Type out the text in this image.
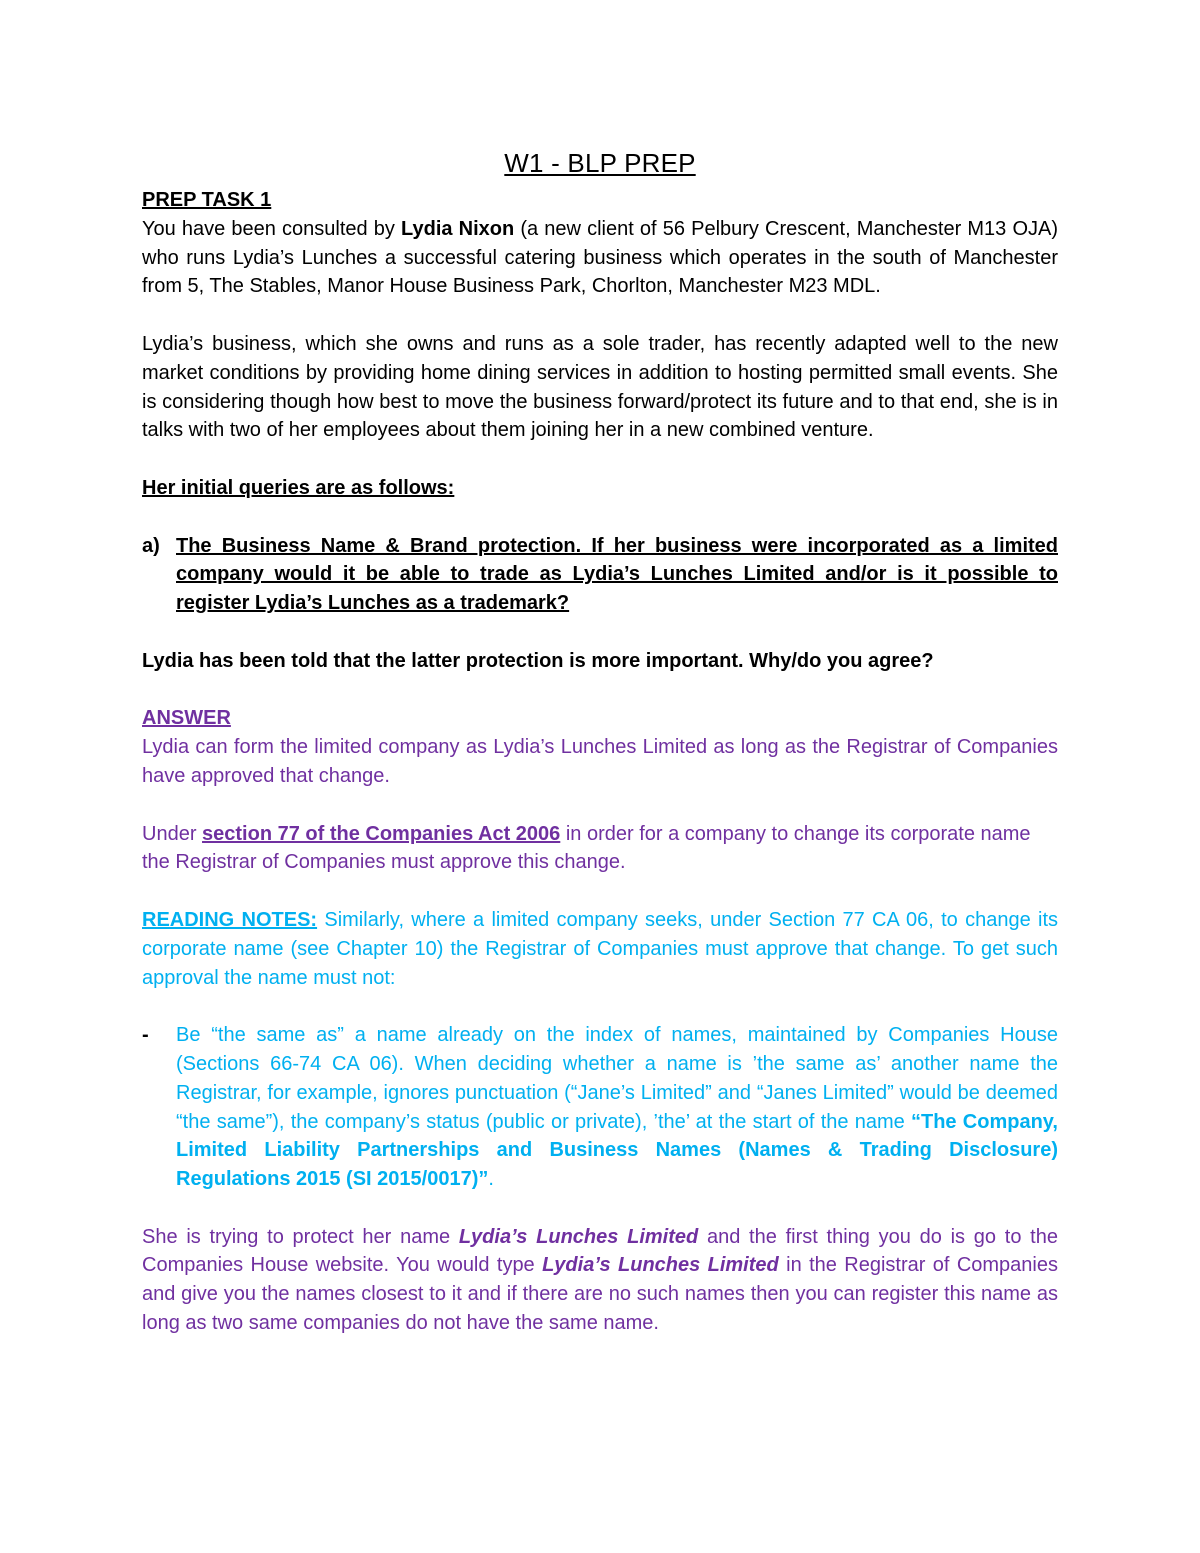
W1 - BLP PREP

PREP TASK 1

You have been consulted by Lydia Nixon (a new client of 56 Pelbury Crescent, Manchester M13 OJA) who runs Lydia’s Lunches a successful catering business which operates in the south of Manchester from 5, The Stables, Manor House Business Park, Chorlton, Manchester M23 MDL.

Lydia’s business, which she owns and runs as a sole trader, has recently adapted well to the new market conditions by providing home dining services in addition to hosting permitted small events. She is considering though how best to move the business forward/protect its future and to that end, she is in talks with two of her employees about them joining her in a new combined venture.

Her initial queries are as follows:

a) The Business Name & Brand protection. If her business were incorporated as a limited company would it be able to trade as Lydia’s Lunches Limited and/or is it possible to register Lydia’s Lunches as a trademark?

Lydia has been told that the latter protection is more important. Why/do you agree?

ANSWER

Lydia can form the limited company as Lydia’s Lunches Limited as long as the Registrar of Companies have approved that change.

Under section 77 of the Companies Act 2006 in order for a company to change its corporate name the Registrar of Companies must approve this change.

READING NOTES: Similarly, where a limited company seeks, under Section 77 CA 06, to change its corporate name (see Chapter 10) the Registrar of Companies must approve that change. To get such approval the name must not:

-	Be “the same as” a name already on the index of names, maintained by Companies House (Sections 66-74 CA 06). When deciding whether a name is ’the same as’ another name the Registrar, for example, ignores punctuation (“Jane’s Limited” and “Janes Limited” would be deemed “the same”), the company’s status (public or private), ’the’ at the start of the name “The Company, Limited Liability Partnerships and Business Names (Names & Trading Disclosure) Regulations 2015 (SI 2015/0017)”.

She is trying to protect her name Lydia’s Lunches Limited and the first thing you do is go to the Companies House website. You would type Lydia’s Lunches Limited in the Registrar of Companies and give you the names closest to it and if there are no such names then you can register this name as long as two same companies do not have the same name.
